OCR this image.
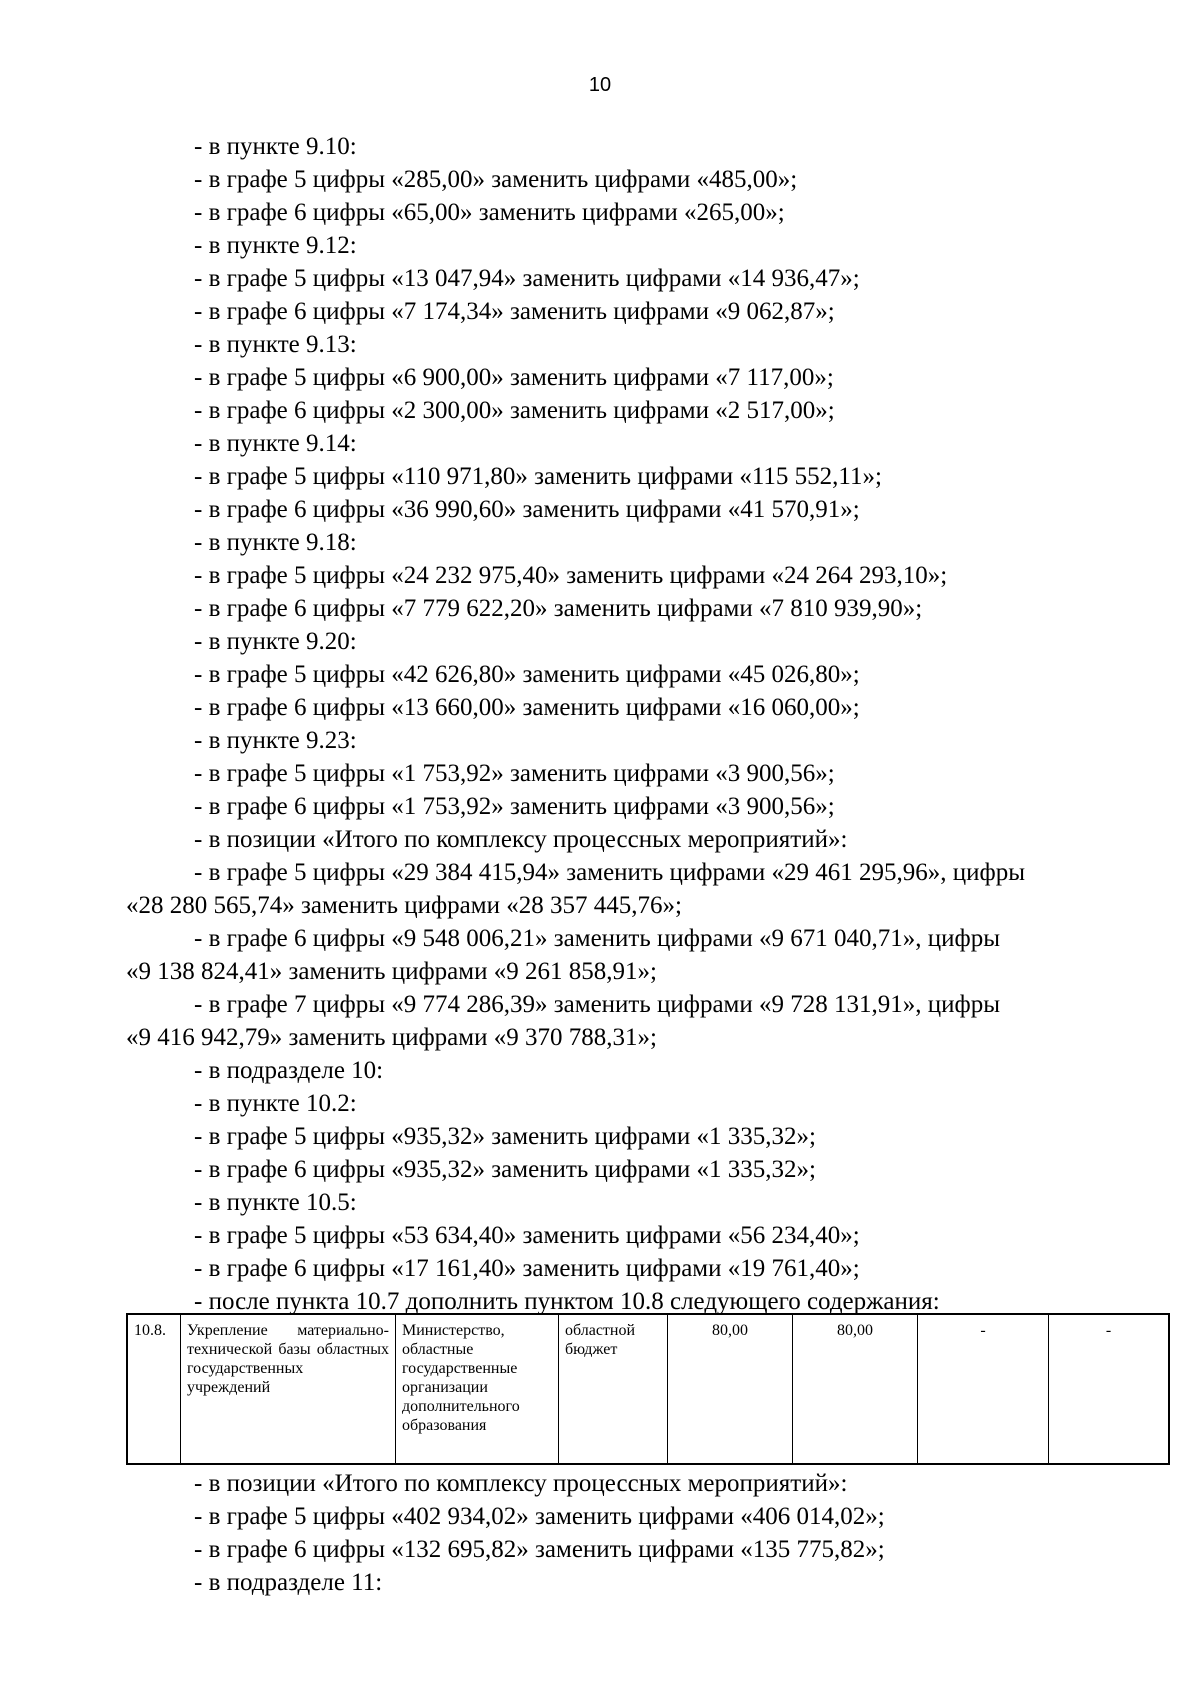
10
- в пункте 9.10:
- в графе 5 цифры «285,00» заменить цифрами «485,00»;
- в графе 6 цифры «65,00» заменить цифрами «265,00»;
- в пункте 9.12:
- в графе 5 цифры «13 047,94» заменить цифрами «14 936,47»;
- в графе 6 цифры «7 174,34» заменить цифрами «9 062,87»;
- в пункте 9.13:
- в графе 5 цифры «6 900,00» заменить цифрами «7 117,00»;
- в графе 6 цифры «2 300,00» заменить цифрами «2 517,00»;
- в пункте 9.14:
- в графе 5 цифры «110 971,80» заменить цифрами «115 552,11»;
- в графе 6 цифры «36 990,60» заменить цифрами «41 570,91»;
- в пункте 9.18:
- в графе 5 цифры «24 232 975,40» заменить цифрами «24 264 293,10»;
- в графе 6 цифры «7 779 622,20» заменить цифрами «7 810 939,90»;
- в пункте 9.20:
- в графе 5 цифры «42 626,80» заменить цифрами «45 026,80»;
- в графе 6 цифры «13 660,00» заменить цифрами «16 060,00»;
- в пункте 9.23:
- в графе 5 цифры «1 753,92» заменить цифрами «3 900,56»;
- в графе 6 цифры «1 753,92» заменить цифрами «3 900,56»;
- в позиции «Итого по комплексу процессных мероприятий»:
- в графе 5 цифры «29 384 415,94» заменить цифрами «29 461 295,96», цифры
«28 280 565,74» заменить цифрами «28 357 445,76»;
- в графе 6 цифры «9 548 006,21» заменить цифрами «9 671 040,71», цифры
«9 138 824,41» заменить цифрами «9 261 858,91»;
- в графе 7 цифры «9 774 286,39» заменить цифрами «9 728 131,91», цифры
«9 416 942,79» заменить цифрами «9 370 788,31»;
- в подразделе 10:
- в пункте 10.2:
- в графе 5 цифры «935,32» заменить цифрами «1 335,32»;
- в графе 6 цифры «935,32» заменить цифрами «1 335,32»;
- в пункте 10.5:
- в графе 5 цифры «53 634,40» заменить цифрами «56 234,40»;
- в графе 6 цифры «17 161,40» заменить цифрами «19 761,40»;
- после пункта 10.7 дополнить пунктом 10.8 следующего содержания:
10.8.	Укрепление материально-технической базы областных государственных учреждений	Министерство, областные государственные организации дополнительного образования	областной бюджет	80,00	80,00	-	-
- в позиции «Итого по комплексу процессных мероприятий»:
- в графе 5 цифры «402 934,02» заменить цифрами «406 014,02»;
- в графе 6 цифры «132 695,82» заменить цифрами «135 775,82»;
- в подразделе 11:
